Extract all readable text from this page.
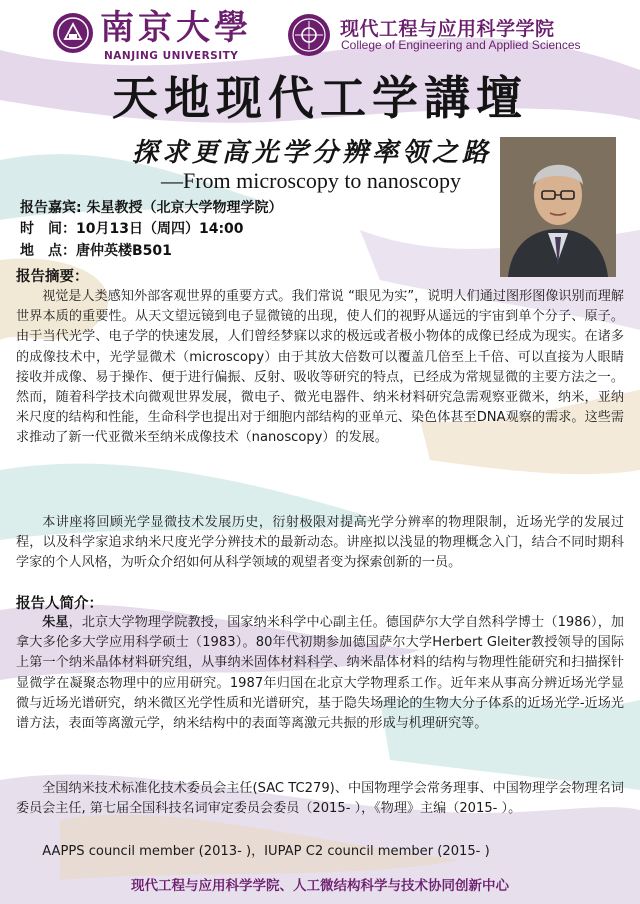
南京大學
NANJING UNIVERSITY
现代工程与应用科学学院
College of Engineering and Applied Sciences
天地现代工学講壇
探求更高光学分辨率领之路
—From microscopy to nanoscopy
报告嘉宾: 朱星教授（北京大学物理学院）
时　间：10月13日（周四）14:00
地　点：唐仲英楼B501
报告摘要：

视觉是人类感知外部客观世界的重要方式。我们常说 “眼见为实”，说明人们通过图形图像识别而理解世界本质的重要性。从天文望远镜到电子显微镜的出现，使人们的视野从遥远的宇宙到单个分子、原子。由于当代光学、电子学的快速发展，人们曾经梦寐以求的极远或者极小物体的成像已经成为现实。在诸多的成像技术中，光学显微术（microscopy）由于其放大倍数可以覆盖几倍至上千倍、可以直接为人眼睛接收并成像、易于操作、便于进行偏振、反射、吸收等研究的特点，已经成为常规显微的主要方法之一。然而，随着科学技术向微观世界发展，微电子、微光电器件、纳米材料研究急需观察亚微米，纳米，亚纳米尺度的结构和性能，生命科学也提出对于细胞内部结构的亚单元、染色体甚至DNA观察的需求。这些需求推动了新一代亚微米至纳米成像技术（nanoscopy）的发展。

本讲座将回顾光学显微技术发展历史，衍射极限对提高光学分辨率的物理限制，近场光学的发展过程，以及科学家追求纳米尺度光学分辨技术的最新动态。讲座拟以浅显的物理概念入门，结合不同时期科学家的个人风格，为听众介绍如何从科学领域的观望者变为探索创新的一员。

报告人简介：

朱星，北京大学物理学院教授，国家纳米科学中心副主任。德国萨尔大学自然科学博士（1986），加拿大多伦多大学应用科学硕士（1983）。80年代初期参加德国萨尔大学Herbert Gleiter教授领导的国际上第一个纳米晶体材料研究组，从事纳米固体材料科学、纳米晶体材料的结构与物理性能研究和扫描探针显微学在凝聚态物理中的应用研究。1987年归国在北京大学物理系工作。近年来从事高分辨近场光学显微与近场光谱研究，纳米微区光学性质和光谱研究，基于隐失场理论的生物大分子体系的近场光学-近场光谱方法，表面等离激元学，纳米结构中的表面等离激元共振的形成与机理研究等。

全国纳米技术标准化技术委员会主任(SAC TC279)、中国物理学会常务理事、中国物理学会物理名词委员会主任, 第七届全国科技名词审定委员会委员（2015- ），《物理》主编（2015- ）。

AAPPS council member (2013- )，IUPAP C2 council member (2015- )

现代工程与应用科学学院、人工微结构科学与技术协同创新中心
